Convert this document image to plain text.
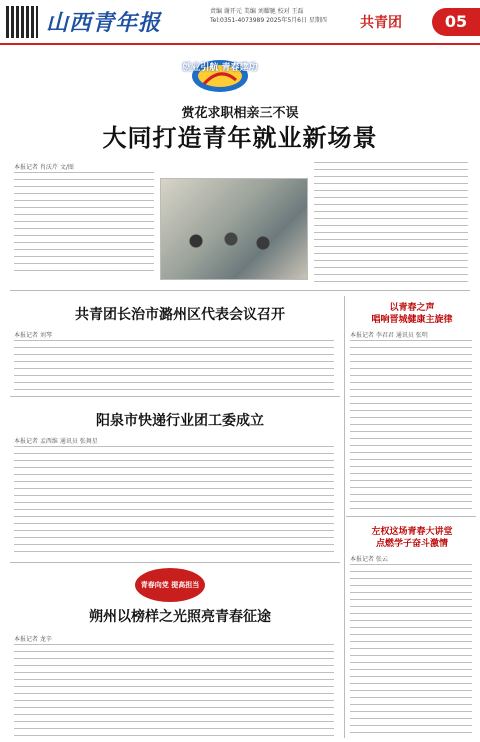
山西青年报	责编 谢开元 美编 刘耀驰 校对 王磊
Tel:0351-4073989 2025年5月6日 星期四	共青团	05
就业引航 青春建功
赏花求职相亲三不误
大同打造青年就业新场景
本报记者 肖沃芹 文/图
共青团长治市潞州区代表会议召开
本报记者 刘琴
阳泉市快递行业团工委成立
本报记者 孟西维 通讯员 张舞星
青春向党 提高担当
朔州以榜样之光照亮青春征途
本报记者 龙辛
以青春之声
唱响晋城健康主旋律
本报记者 李君君 通讯员 张明
左权这场青春大讲堂
点燃学子奋斗激情
本报记者 张云
